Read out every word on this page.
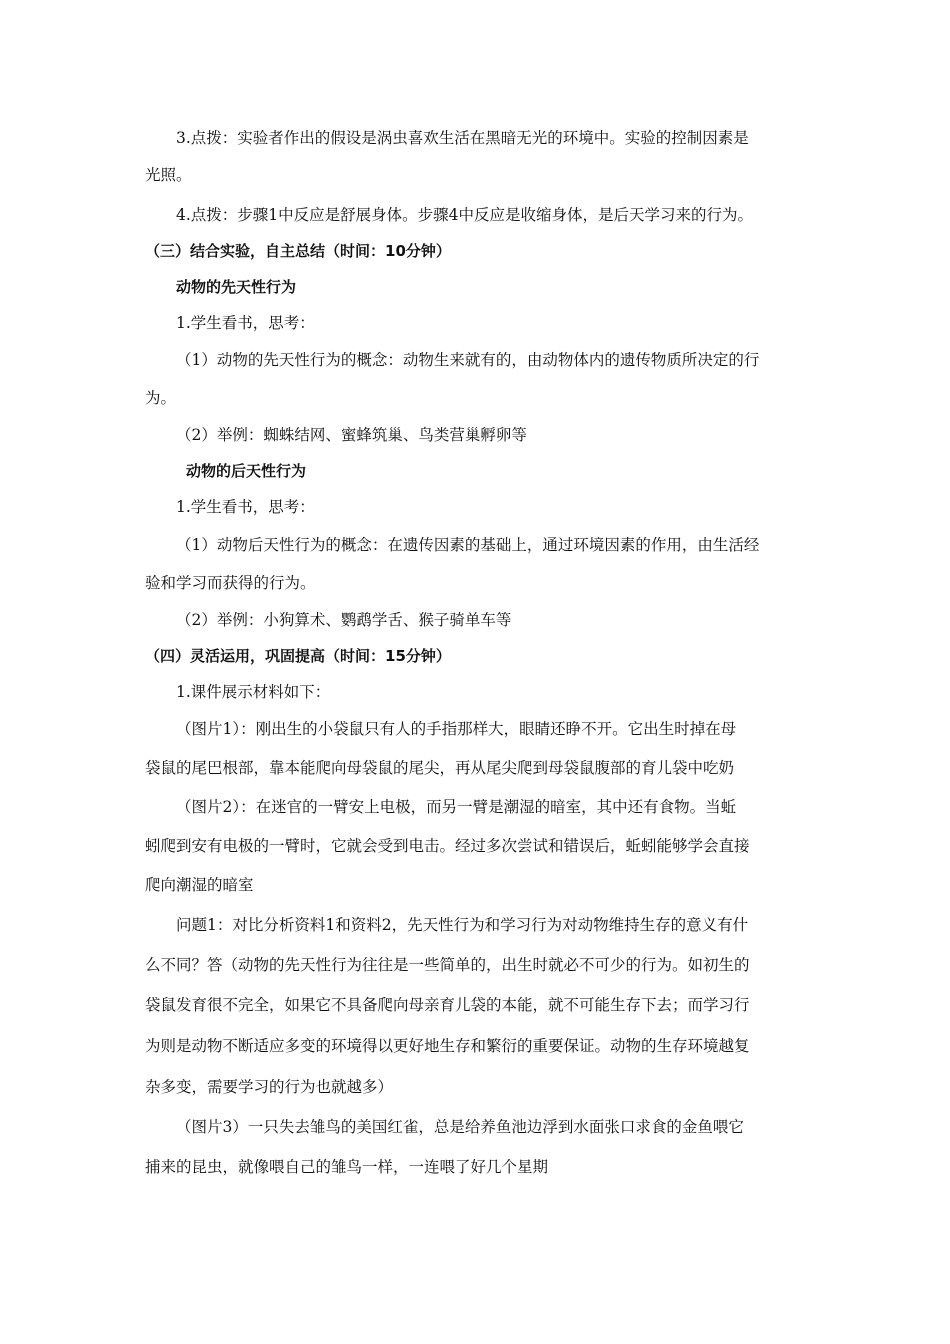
3.点拨：实验者作出的假设是涡虫喜欢生活在黑暗无光的环境中。实验的控制因素是
光照。
4.点拨：步骤1中反应是舒展身体。步骤4中反应是收缩身体，是后天学习来的行为。
（三）结合实验，自主总结（时间：10分钟）
动物的先天性行为
1.学生看书，思考：
（1）动物的先天性行为的概念：动物生来就有的，由动物体内的遗传物质所决定的行
为。
（2）举例：蜘蛛结网、蜜蜂筑巢、鸟类营巢孵卵等
动物的后天性行为
1.学生看书，思考：
（1）动物后天性行为的概念：在遗传因素的基础上，通过环境因素的作用，由生活经
验和学习而获得的行为。
（2）举例：小狗算术、鹦鹉学舌、猴子骑单车等
（四）灵活运用，巩固提高（时间：15分钟）
1.课件展示材料如下：
（图片1）：刚出生的小袋鼠只有人的手指那样大，眼睛还睁不开。它出生时掉在母
袋鼠的尾巴根部，靠本能爬向母袋鼠的尾尖，再从尾尖爬到母袋鼠腹部的育儿袋中吃奶
（图片2）：在迷官的一臂安上电极，而另一臂是潮湿的暗室，其中还有食物。当蚯
蚓爬到安有电极的一臂时，它就会受到电击。经过多次尝试和错误后，蚯蚓能够学会直接
爬向潮湿的暗室
问题1：对比分析资料1和资料2，先天性行为和学习行为对动物维持生存的意义有什
么不同？答（动物的先天性行为往往是一些简单的，出生时就必不可少的行为。如初生的
袋鼠发育很不完全，如果它不具备爬向母亲育儿袋的本能，就不可能生存下去；而学习行
为则是动物不断适应多变的环境得以更好地生存和繁衍的重要保证。动物的生存环境越复
杂多变，需要学习的行为也就越多）
（图片3）一只失去雏鸟的美国红雀，总是给养鱼池边浮到水面张口求食的金鱼喂它
捕来的昆虫，就像喂自己的雏鸟一样，一连喂了好几个星期
